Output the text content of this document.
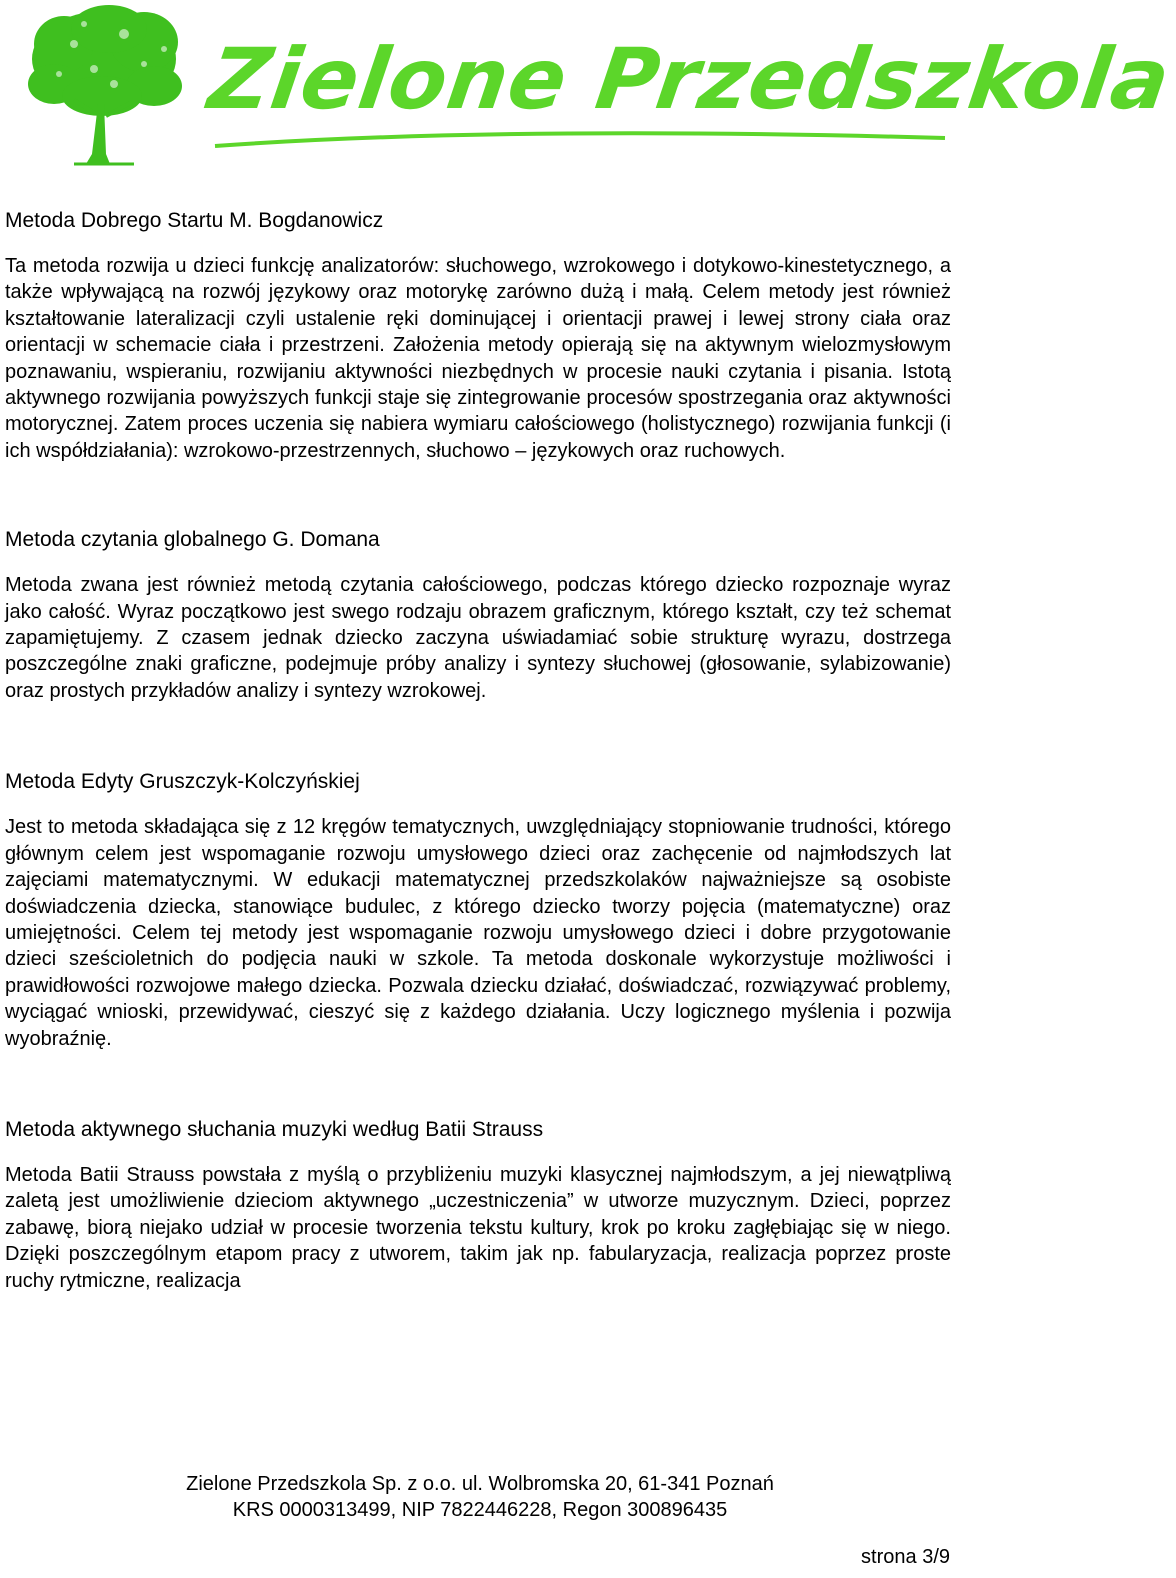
Zielone Przedszkola
Metoda Dobrego Startu M. Bogdanowicz

Ta metoda rozwija u dzieci funkcję analizatorów: słuchowego, wzrokowego i dotykowo-kinestetycznego, a także wpływającą na rozwój językowy oraz motorykę zarówno dużą i małą. Celem metody jest również kształtowanie lateralizacji czyli ustalenie ręki dominującej i orientacji prawej i lewej strony ciała oraz orientacji w schemacie ciała i przestrzeni. Założenia metody opierają się na aktywnym wielozmysłowym poznawaniu, wspieraniu, rozwijaniu aktywności niezbędnych w procesie nauki czytania i pisania. Istotą aktywnego rozwijania powyższych funkcji staje się zintegrowanie procesów spostrzegania oraz aktywności motorycznej. Zatem proces uczenia się nabiera wymiaru całościowego (holistycznego) rozwijania funkcji (i ich współdziałania): wzrokowo-przestrzennych, słuchowo – językowych oraz ruchowych.

Metoda czytania globalnego G. Domana

Metoda zwana jest również metodą czytania całościowego, podczas którego dziecko rozpoznaje wyraz jako całość. Wyraz początkowo jest swego rodzaju obrazem graficznym, którego kształt, czy też schemat zapamiętujemy. Z czasem jednak dziecko zaczyna uświadamiać sobie strukturę wyrazu, dostrzega poszczególne znaki graficzne, podejmuje próby analizy i syntezy słuchowej (głosowanie, sylabizowanie) oraz prostych przykładów analizy i syntezy wzrokowej.

Metoda Edyty Gruszczyk-Kolczyńskiej

Jest to metoda składająca się z 12 kręgów tematycznych, uwzględniający stopniowanie trudności, którego głównym celem jest wspomaganie rozwoju umysłowego dzieci oraz zachęcenie od najmłodszych lat zajęciami matematycznymi. W edukacji matematycznej przedszkolaków najważniejsze są osobiste doświadczenia dziecka, stanowiące budulec, z którego dziecko tworzy pojęcia (matematyczne) oraz umiejętności. Celem tej metody jest wspomaganie rozwoju umysłowego dzieci i dobre przygotowanie dzieci sześcioletnich do podjęcia nauki w szkole. Ta metoda doskonale wykorzystuje możliwości i prawidłowości rozwojowe małego dziecka. Pozwala dziecku działać, doświadczać, rozwiązywać problemy, wyciągać wnioski, przewidywać, cieszyć się z każdego działania. Uczy logicznego myślenia i pozwija wyobraźnię.

Metoda aktywnego słuchania muzyki według Batii Strauss

Metoda Batii Strauss powstała z myślą o przybliżeniu muzyki klasycznej najmłodszym, a jej niewątpliwą zaletą jest umożliwienie dzieciom aktywnego „uczestniczenia” w utworze muzycznym. Dzieci, poprzez zabawę, biorą niejako udział w procesie tworzenia tekstu kultury, krok po kroku zagłębiając się w niego. Dzięki poszczególnym etapom pracy z utworem, takim jak np. fabularyzacja, realizacja poprzez proste ruchy rytmiczne, realizacja

Zielone Przedszkola Sp. z o.o. ul. Wolbromska 20, 61-341 Poznań
KRS 0000313499, NIP 7822446228, Regon 300896435
strona 3/9
